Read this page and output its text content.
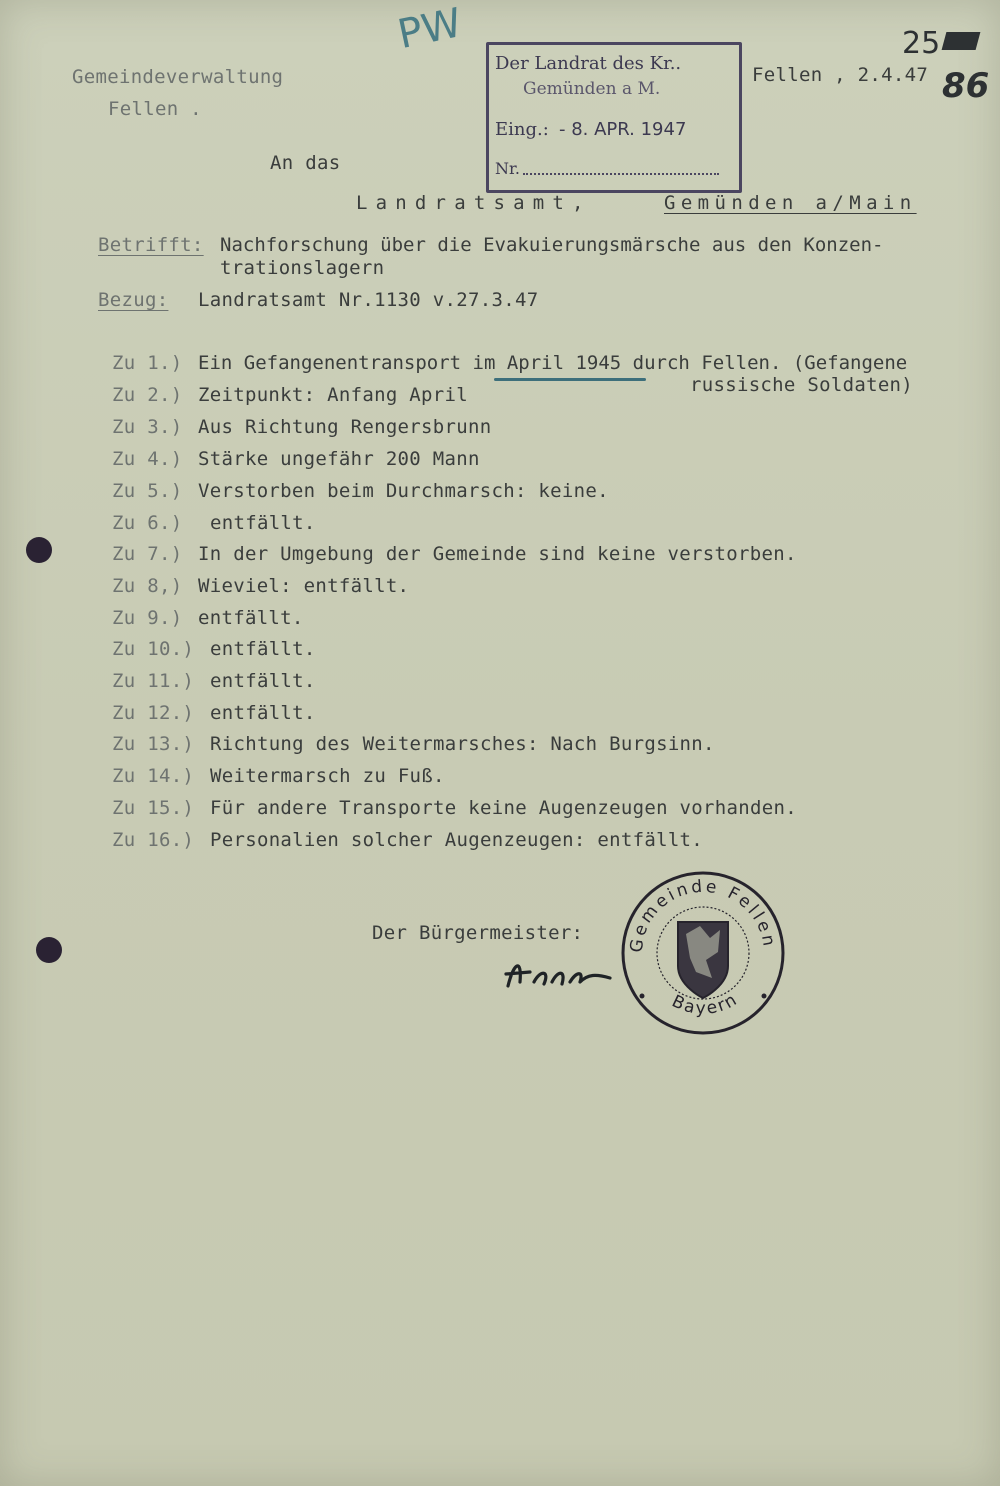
PW	25
86
Gemeindeverwaltung
Fellen .
Der Landrat des Kr..
Gemünden a M.
Eing.: - 8. APR. 1947
Nr.
Fellen , 2.4.47
An das
Landratsamt,	Gemünden a/Main
Betrifft: Nachforschung über die Evakuierungsmärsche aus den Konzen-
trationslagern
Bezug: Landratsamt Nr.1130 v.27.3.47
Zu 1.) Ein Gefangenentransport im April 1945 durch Fellen. (Gefangene
russische Soldaten)
Zu 2.) Zeitpunkt: Anfang April
Zu 3.) Aus Richtung Rengersbrunn
Zu 4.) Stärke ungefähr 200 Mann
Zu 5.) Verstorben beim Durchmarsch: keine.
Zu 6.) entfällt.
Zu 7.) In der Umgebung der Gemeinde sind keine verstorben.
Zu 8,) Wieviel: entfällt.
Zu 9.) entfällt.
Zu 10.) entfällt.
Zu 11.) entfällt.
Zu 12.) entfällt.
Zu 13.) Richtung des Weitermarsches: Nach Burgsinn.
Zu 14.) Weitermarsch zu Fuß.
Zu 15.) Für andere Transporte keine Augenzeugen vorhanden.
Zu 16.) Personalien solcher Augenzeugen: entfällt.
Der Bürgermeister:
Gemeinde Fellen
Bayern
